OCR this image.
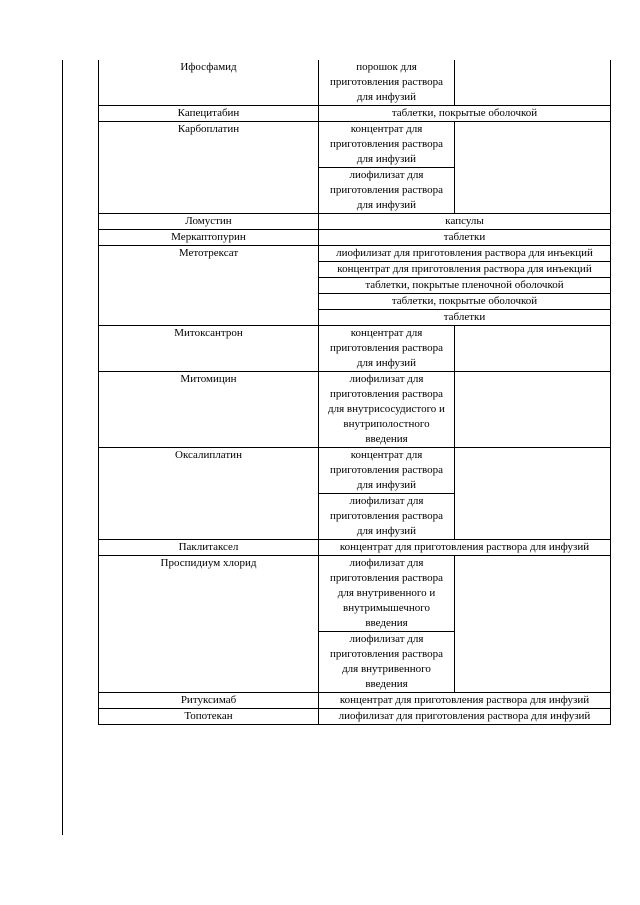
Ифосфамид	порошок для приготовления раствора для инфузий	
Капецитабин	таблетки, покрытые оболочкой	
Карбоплатин	концентрат для приготовления раствора для инфузий	
	лиофилизат для приготовления раствора для инфузий	
Ломустин	капсулы	
Меркаптопурин	таблетки	
Метотрексат	лиофилизат для приготовления раствора для инъекций	
	концентрат для приготовления раствора для инъекций	
	таблетки, покрытые пленочной оболочкой	
	таблетки, покрытые оболочкой	
	таблетки	
Митоксантрон	концентрат для приготовления раствора для инфузий	
Митомицин	лиофилизат для приготовления раствора для внутрисосудистого и внутриполостного введения	
Оксалиплатин	концентрат для приготовления раствора для инфузий	
	лиофилизат для приготовления раствора для инфузий	
Паклитаксел	концентрат для приготовления раствора для инфузий	
Проспидиум хлорид	лиофилизат для приготовления раствора для внутривенного и внутримышечного введения	
	лиофилизат для приготовления раствора для внутривенного введения	
Ритуксимаб	концентрат для приготовления раствора для инфузий	
Топотекан	лиофилизат для приготовления раствора для инфузий	
